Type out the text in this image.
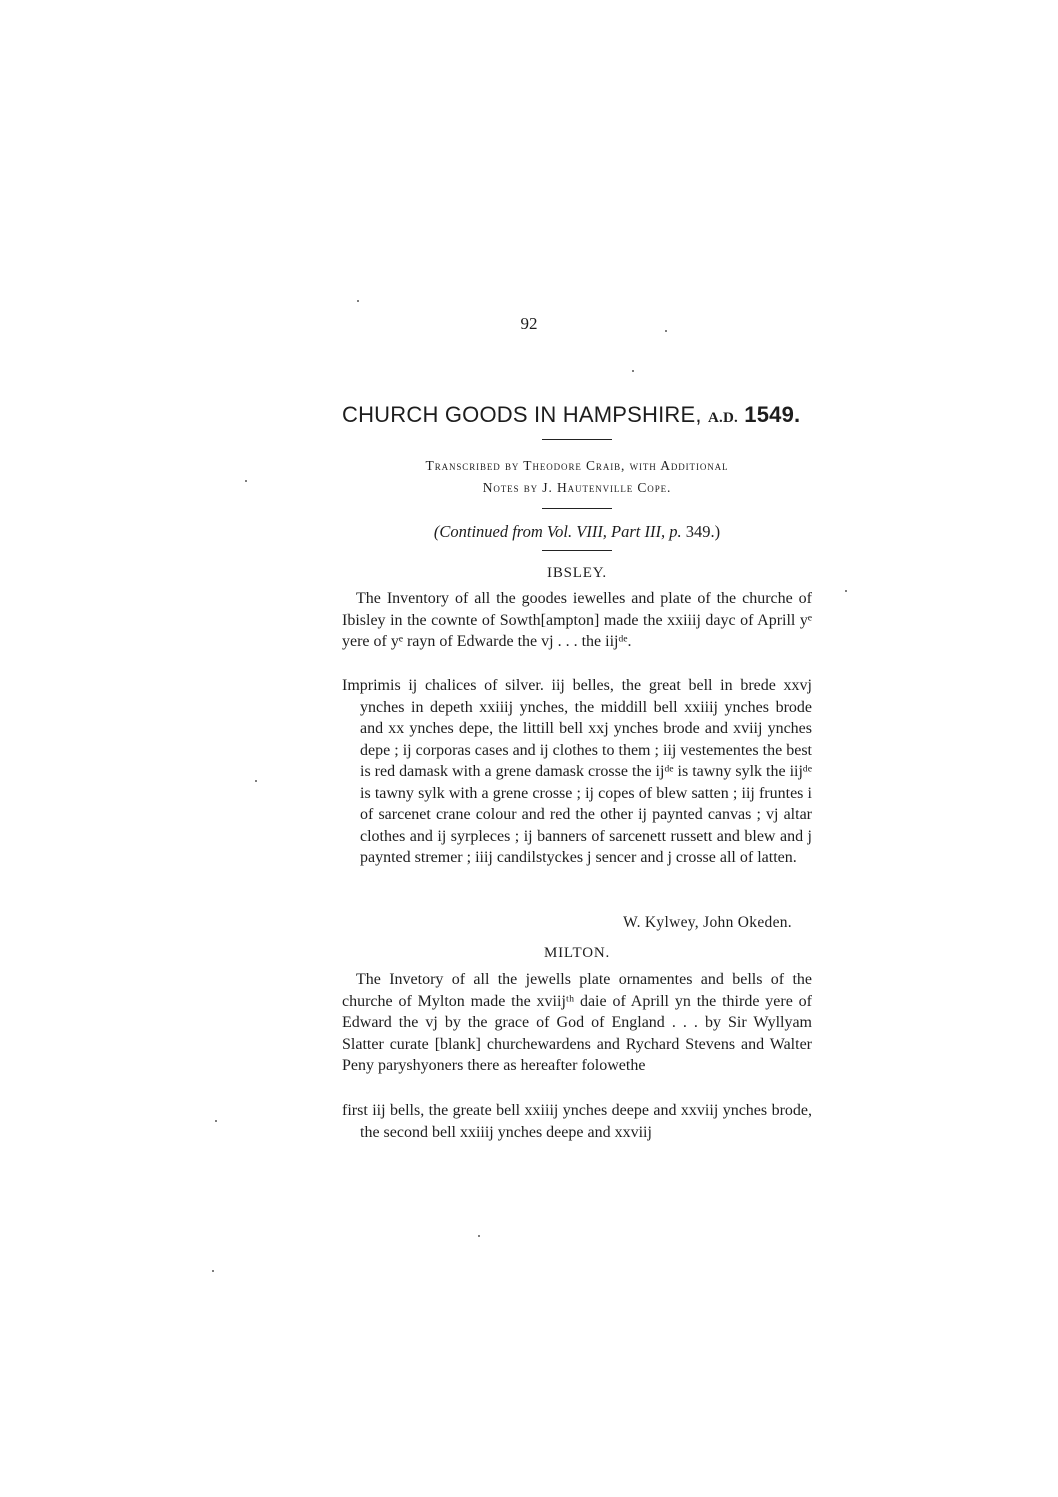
92
CHURCH GOODS IN HAMPSHIRE, A.D. 1549.
Transcribed by Theodore Craib, with Additional
Notes by J. Hautenville Cope.
(Continued from Vol. VIII, Part III, p. 349.)
IBSLEY.
The Inventory of all the goodes iewelles and plate of the churche of Ibisley in the cownte of Sowth[ampton] made the xxiiij dayc of Aprill yᵉ yere of yᵉ rayn of Edwarde the vj . . . the iijᵈᵉ.
Imprimis ij chalices of silver. iij belles, the great bell in brede xxvj ynches in depeth xxiiij ynches, the middill bell xxiiij ynches brode and xx ynches depe, the littill bell xxj ynches brode and xviij ynches depe ; ij corporas cases and ij clothes to them ; iij vestementes the best is red damask with a grene damask crosse the ijᵈᵉ is tawny sylk the iijᵈᵉ is tawny sylk with a grene crosse ; ij copes of blew satten ; iij fruntes i of sarcenet crane colour and red the other ij paynted canvas ; vj altar clothes and ij syrpleces ; ij banners of sarcenett russett and blew and j paynted stremer ; iiij candilstyckes j sencer and j crosse all of latten.
W. Kylwey, John Okeden.
MILTON.
The Invetory of all the jewells plate ornamentes and bells of the churche of Mylton made the xviijᵗʰ daie of Aprill yn the thirde yere of Edward the vj by the grace of God of England . . . by Sir Wyllyam Slatter curate [blank] churchewardens and Rychard Stevens and Walter Peny paryshyoners there as hereafter folowethe
first iij bells, the greate bell xxiiij ynches deepe and xxviij ynches brode, the second bell xxiiij ynches deepe and xxviij
